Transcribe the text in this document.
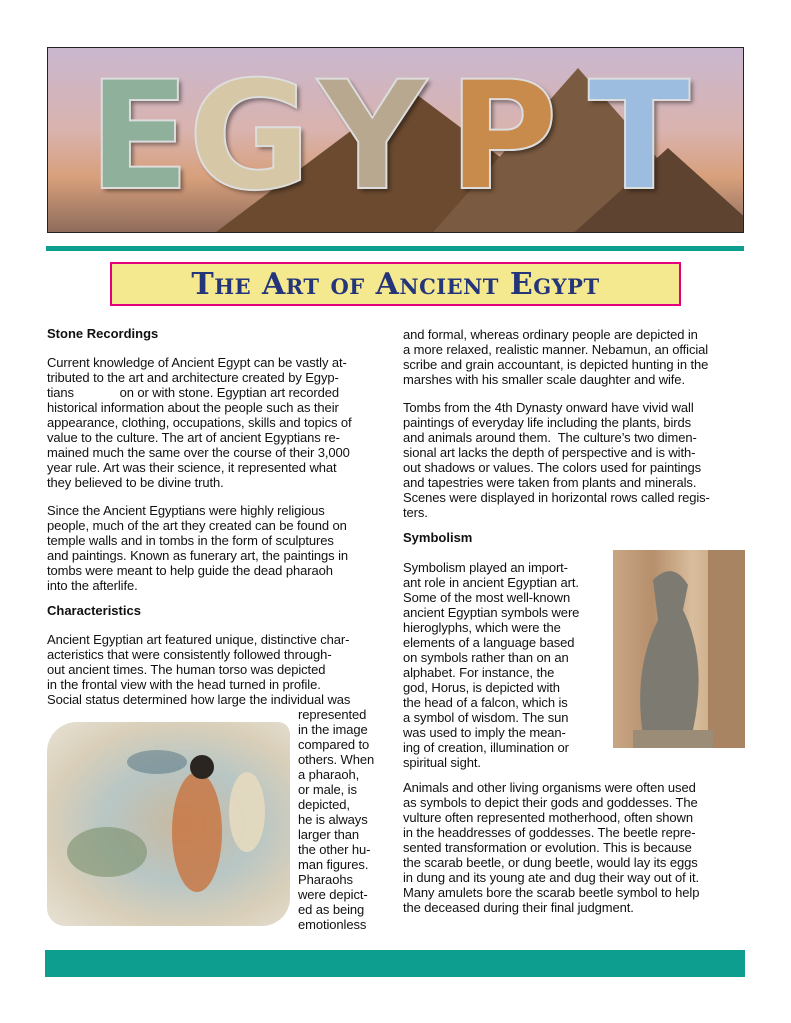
E
G Y P T
The Art of Ancient Egypt
Stone Recordings
Current knowledge of Ancient Egypt can be vastly at-
tributed to the art and architecture created by Egyp-
tians             on or with stone. Egyptian art recorded
historical information about the people such as their
appearance, clothing, occupations, skills and topics of
value to the culture. The art of ancient Egyptians re-
mained much the same over the course of their 3,000
year rule. Art was their science, it represented what
they believed to be divine truth.
Since the Ancient Egyptians were highly religious
people, much of the art they created can be found on
temple walls and in tombs in the form of sculptures
and paintings. Known as funerary art, the paintings in
tombs were meant to help guide the dead pharaoh
into the afterlife.
Characteristics
Ancient Egyptian art featured unique, distinctive char-
acteristics that were consistently followed through-
out ancient times. The human torso was depicted
in the frontal view with the head turned in profile.
Social status determined how large the individual was
represented
in the image
compared to
others. When
a pharaoh,
or male, is
depicted,
he is always
larger than
the other hu-
man figures.
Pharaohs
were depict-
ed as being
emotionless
and formal, whereas ordinary people are depicted in
a more relaxed, realistic manner. Nebamun, an official
scribe and grain accountant, is depicted hunting in the
marshes with his smaller scale daughter and wife.
Tombs from the 4th Dynasty onward have vivid wall
paintings of everyday life including the plants, birds
and animals around them.  The culture’s two dimen-
sional art lacks the depth of perspective and is with-
out shadows or values. The colors used for paintings
and tapestries were taken from plants and minerals.
Scenes were displayed in horizontal rows called regis-
ters.
Symbolism
Symbolism played an import-
ant role in ancient Egyptian art.
Some of the most well-known
ancient Egyptian symbols were
hieroglyphs, which were the
elements of a language based
on symbols rather than on an
alphabet. For instance, the
god, Horus, is depicted with
the head of a falcon, which is
a symbol of wisdom. The sun
was used to imply the mean-
ing of creation, illumination or
spiritual sight.
Animals and other living organisms were often used
as symbols to depict their gods and goddesses. The
vulture often represented motherhood, often shown
in the headdresses of goddesses. The beetle repre-
sented transformation or evolution. This is because
the scarab beetle, or dung beetle, would lay its eggs
in dung and its young ate and dug their way out of it.
Many amulets bore the scarab beetle symbol to help
the deceased during their final judgment.
